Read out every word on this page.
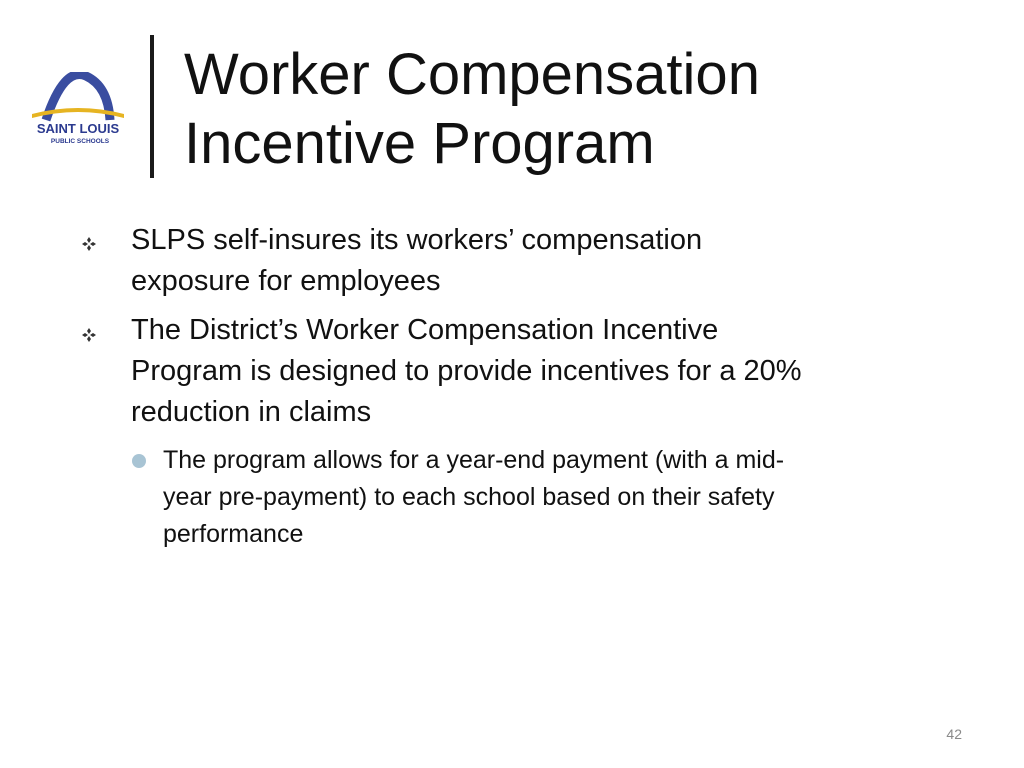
SAINT LOUIS
PUBLIC SCHOOLS
Worker Compensation
Incentive Program
SLPS self-insures its workers’ compensation
exposure for employees
The District’s Worker Compensation Incentive
Program is designed to provide incentives for a 20%
reduction in claims
The program allows for a year-end payment (with a mid-
year pre-payment) to each school based on their safety
performance
42
